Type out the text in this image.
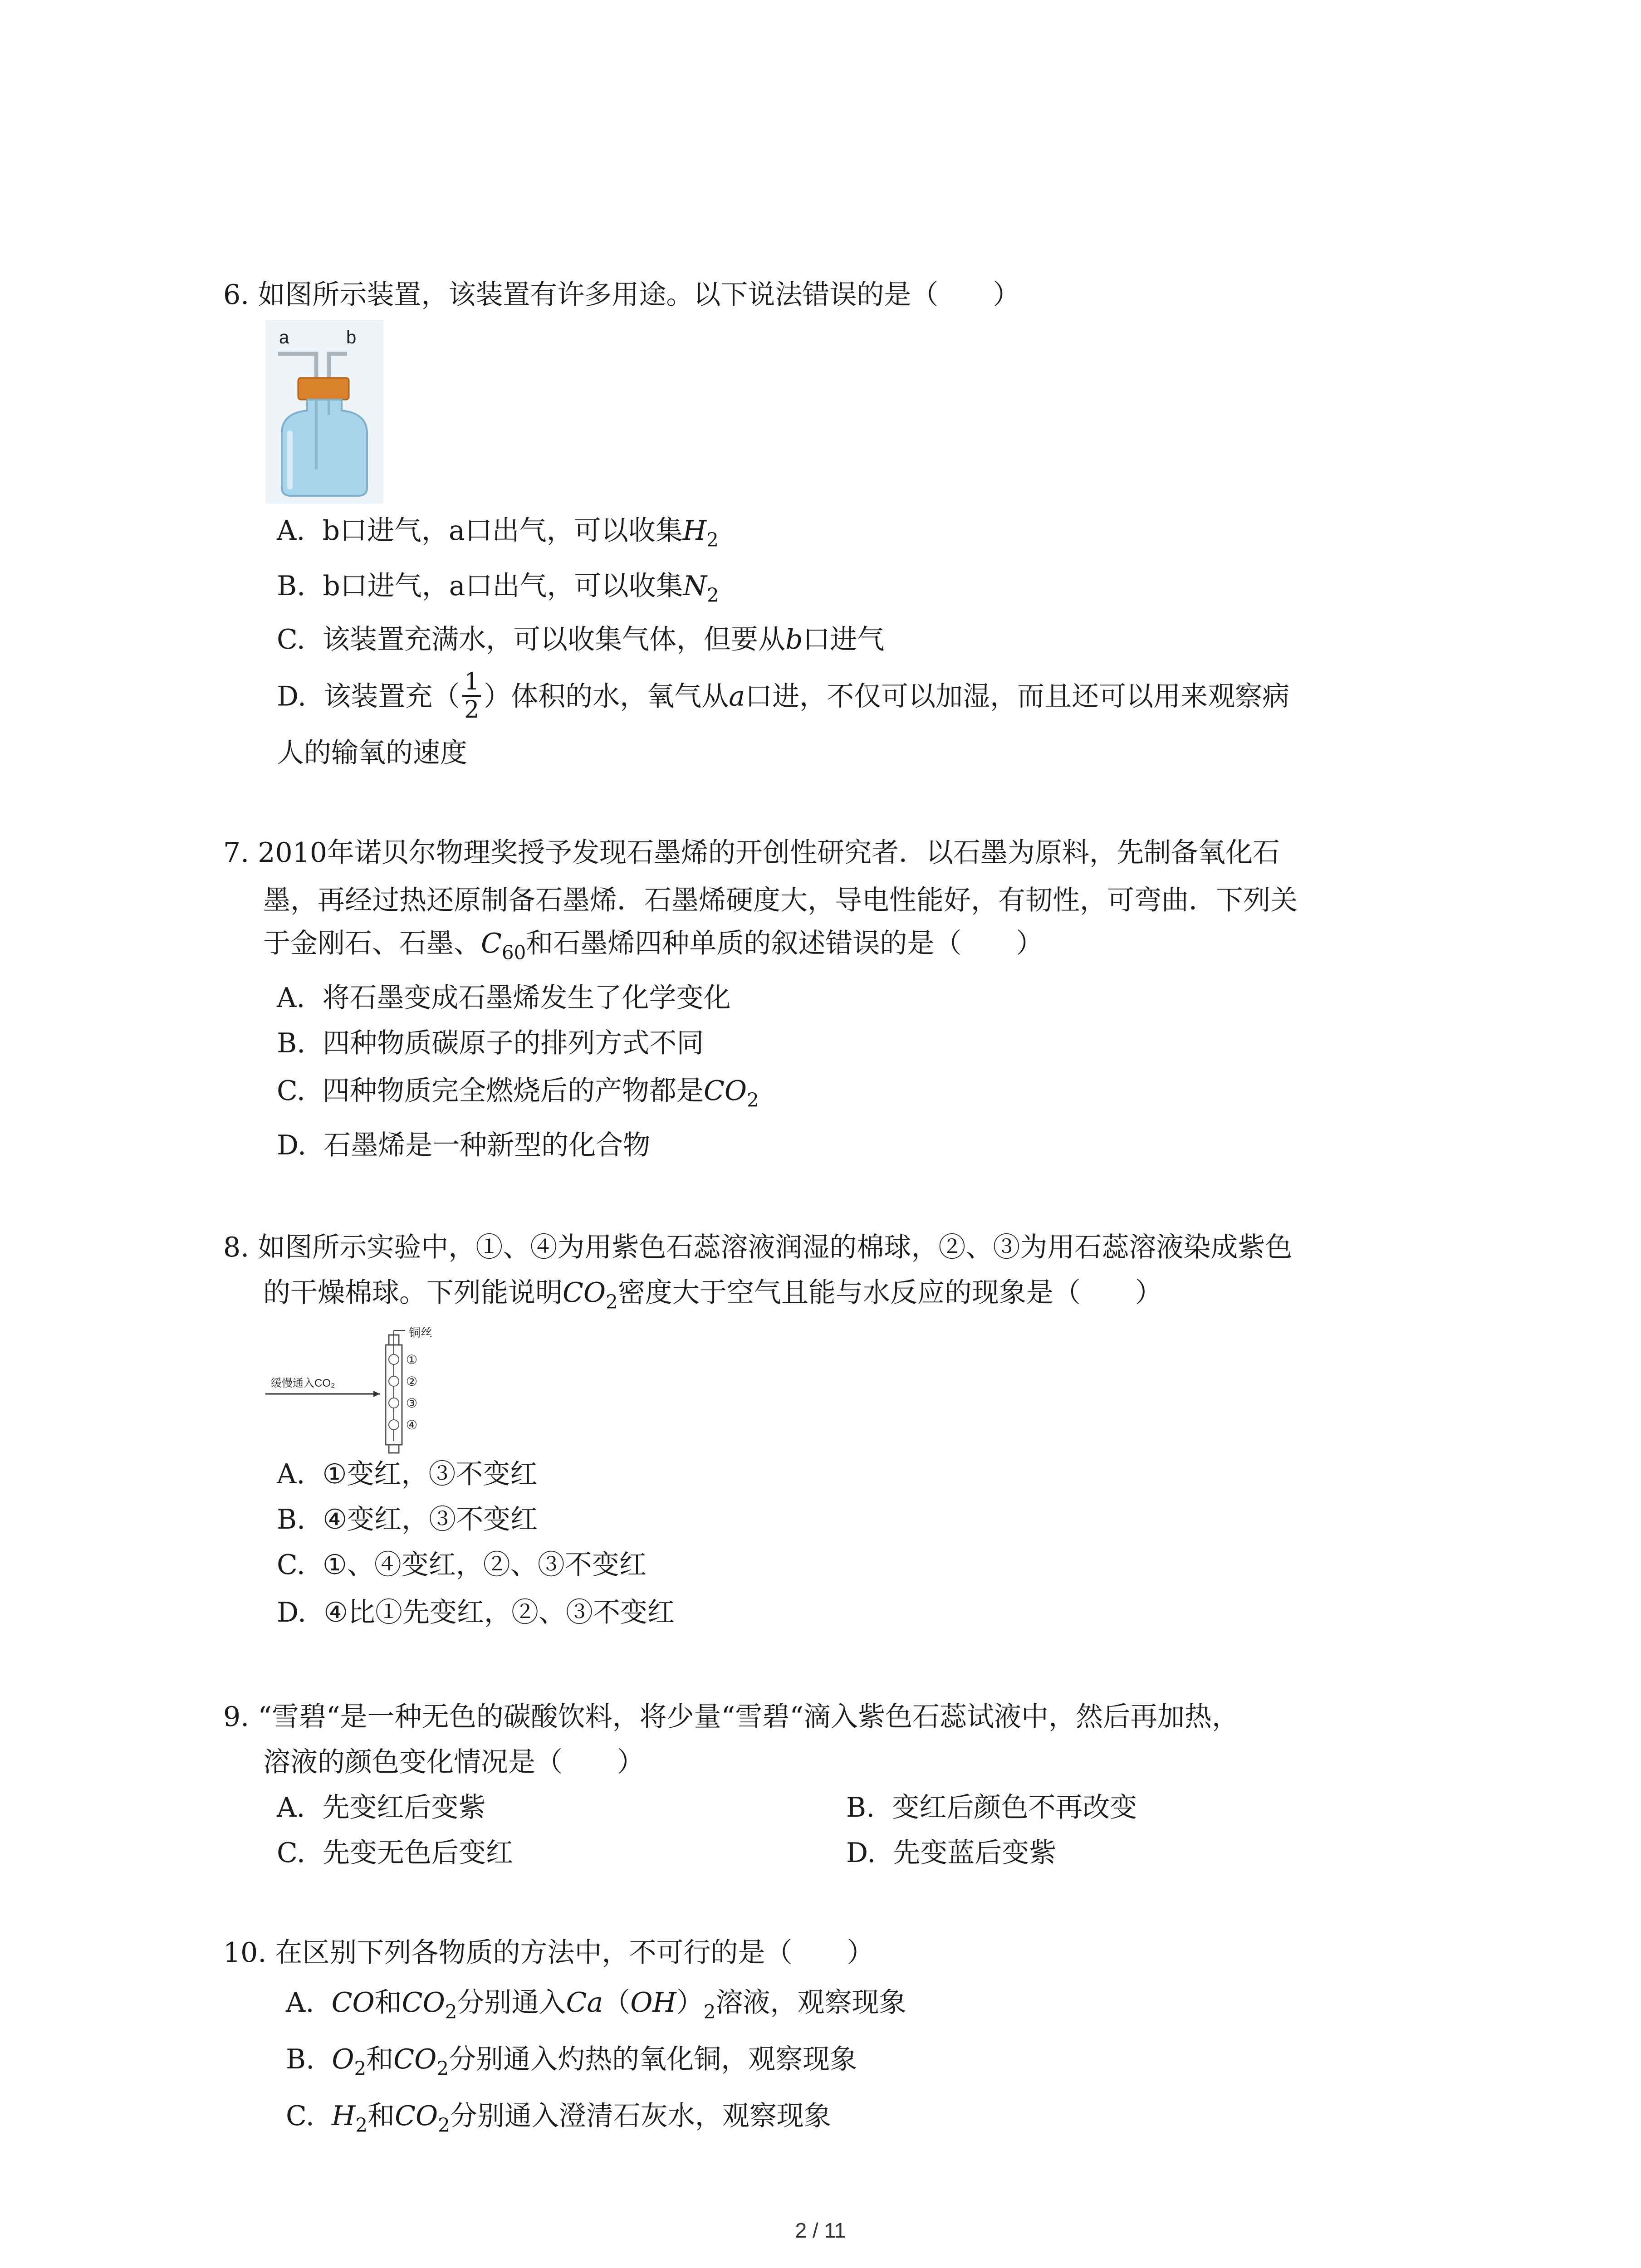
6. 如图所示装置，该装置有许多用途。以下说法错误的是（　　）
a	b
A. b口进气，a口出气，可以收集$H_2$
B. b口进气，a口出气，可以收集$N_2$
C. 该装置充满水，可以收集气体，但要从b口进气
D. 该装置充（ $\frac{1}{2}$ ）体积的水，氧气从a口进，不仅可以加湿，而且还可以用来观察病
人的输氧的速度
7. 2010年诺贝尔物理奖授予发现石墨烯的开创性研究者．以石墨为原料，先制备氧化石
墨，再经过热还原制备石墨烯．石墨烯硬度大，导电性能好，有韧性，可弯曲．下列关
于金刚石、石墨、$C_{60}$和石墨烯四种单质的叙述错误的是（　　）
A. 将石墨变成石墨烯发生了化学变化
B. 四种物质碳原子的排列方式不同
C. 四种物质完全燃烧后的产物都是$CO_2$
D. 石墨烯是一种新型的化合物
8. 如图所示实验中，①、④为用紫色石蕊溶液润湿的棉球，②、③为用石蕊溶液染成紫色
的干燥棉球。下列能说明$CO_2$密度大于空气且能与水反应的现象是（　　）
缓慢通入CO₂
铜丝
①
②
③
④
A. ①变红，③不变红
B. ④变红，③不变红
C. ①、④变红，②、③不变红
D. ④比①先变红，②、③不变红
9. “雪碧“是一种无色的碳酸饮料，将少量“雪碧“滴入紫色石蕊试液中，然后再加热，
溶液的颜色变化情况是（　　）
A. 先变红后变紫	B. 变红后颜色不再改变
C. 先变无色后变红	D. 先变蓝后变紫
10. 在区别下列各物质的方法中，不可行的是（　　）
A. CO和$CO_2$分别通入$Ca(OH)_2$溶液，观察现象
B. $O_2$和$CO_2$分别通入灼热的氧化铜，观察现象
C. $H_2$和$CO_2$分别通入澄清石灰水，观察现象
2 / 11
